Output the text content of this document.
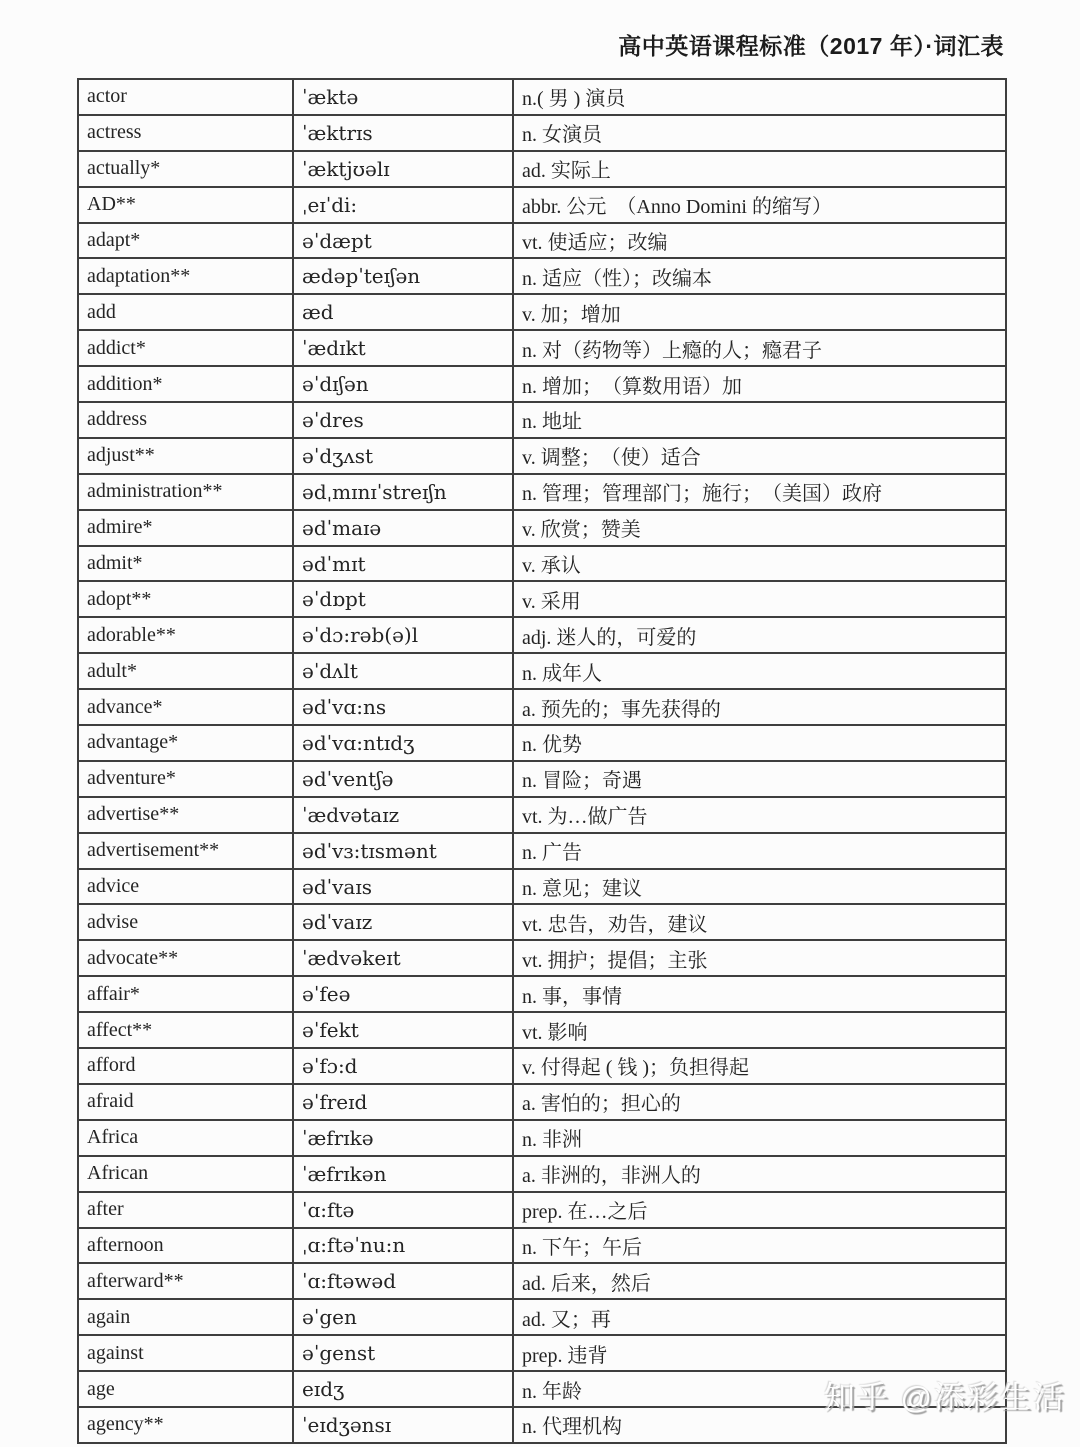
高中英语课程标准（2017 年）·词汇表
actor	ˈæktə	n.( 男 ) 演员
actress	ˈæktrɪs	n. 女演员
actually*	ˈæktjʊəlɪ	ad. 实际上
AD**	ˌeɪˈdi:	abbr. 公元　（Anno Domini 的缩写）
adapt*	əˈdæpt	vt. 使适应；改编
adaptation**	ædəpˈteɪʃən	n. 适应（性）；改编本
add	æd	v. 加；增加
addict*	ˈædɪkt	n. 对（药物等）上瘾的人；瘾君子
addition*	əˈdɪʃən	n. 增加；　（算数用语）加
address	əˈdres	n. 地址
adjust**	əˈdʒʌst	v. 调整；　（使）适合
administration**	ədˌmɪnɪˈstreɪʃn	n. 管理；管理部门；施行；　（美国）政府
admire*	ədˈmaɪə	v. 欣赏；赞美
admit*	ədˈmɪt	v. 承认
adopt**	əˈdɒpt	v. 采用
adorable**	əˈdɔ:rəb(ə)l	adj. 迷人的，可爱的
adult*	əˈdʌlt	n. 成年人
advance*	ədˈvɑ:ns	a. 预先的；事先获得的
advantage*	ədˈvɑ:ntɪdʒ	n. 优势
adventure*	ədˈventʃə	n. 冒险；奇遇
advertise**	ˈædvətaɪz	vt. 为…做广告
advertisement**	ədˈvɜ:tɪsmənt	n. 广告
advice	ədˈvaɪs	n. 意见；建议
advise	ədˈvaɪz	vt. 忠告，劝告，建议
advocate**	ˈædvəkeɪt	vt. 拥护；提倡；主张
affair*	əˈfeə	n. 事，事情
affect**	əˈfekt	vt. 影响
afford	əˈfɔ:d	v. 付得起 ( 钱 )；负担得起
afraid	əˈfreɪd	a. 害怕的；担心的
Africa	ˈæfrɪkə	n. 非洲
African	ˈæfrɪkən	a. 非洲的，非洲人的
after	ˈɑ:ftə	prep. 在…之后
afternoon	ˌɑ:ftəˈnu:n	n. 下午；午后
afterward**	ˈɑ:ftəwəd	ad. 后来，然后
again	əˈgen	ad. 又；再
against	əˈgenst	prep. 违背
age	eɪdʒ	n. 年龄
agency**	ˈeɪdʒənsɪ	n. 代理机构
知乎 @添彩生活
